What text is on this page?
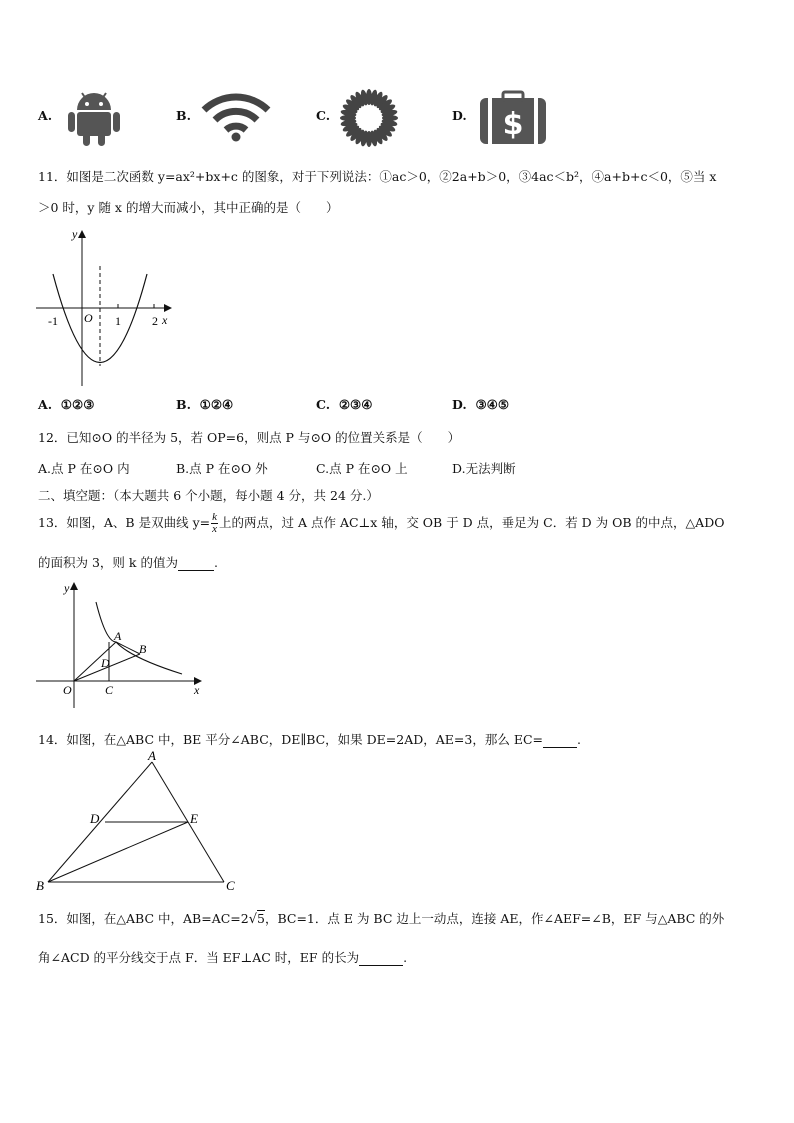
A.	B.	C.	D. $
11．如图是二次函数 y=ax²+bx+c 的图象，对于下列说法：①ac＞0，②2a+b＞0，③4ac＜b²，④a+b+c＜0，⑤当 x
＞0 时，y 随 x 的增大而减小，其中正确的是（　　）
y
x
O
-1	1	2
A. ①②③	B. ①②④	C. ②③④	D. ③④⑤
12．已知⊙O 的半径为 5，若 OP=6，则点 P 与⊙O 的位置关系是（　　）
A.点 P 在⊙O 内	B.点 P 在⊙O 外	C.点 P 在⊙O 上	D.无法判断
二、填空题：（本大题共 6 个小题，每小题 4 分，共 24 分.）
13．如图，A、B 是双曲线 $y= \frac{k}{x}$ 上的两点，过 A 点作 AC⊥x 轴，交 OB 于 D 点，垂足为 C．若 D 为 OB 的中点，△ADO
的面积为 3，则 k 的值为	.
y
x
O
A
B
C
D
14．如图，在△ABC 中，BE 平分∠ABC，DE∥BC，如果 DE=2AD，AE=3，那么 EC=	.
A
B	C
D	E
15．如图，在△ABC 中，AB=AC=2√5，BC=1．点 E 为 BC 边上一动点，连接 AE，作∠AEF=∠B，EF 与△ABC 的外
角∠ACD 的平分线交于点 F．当 EF⊥AC 时，EF 的长为	.
